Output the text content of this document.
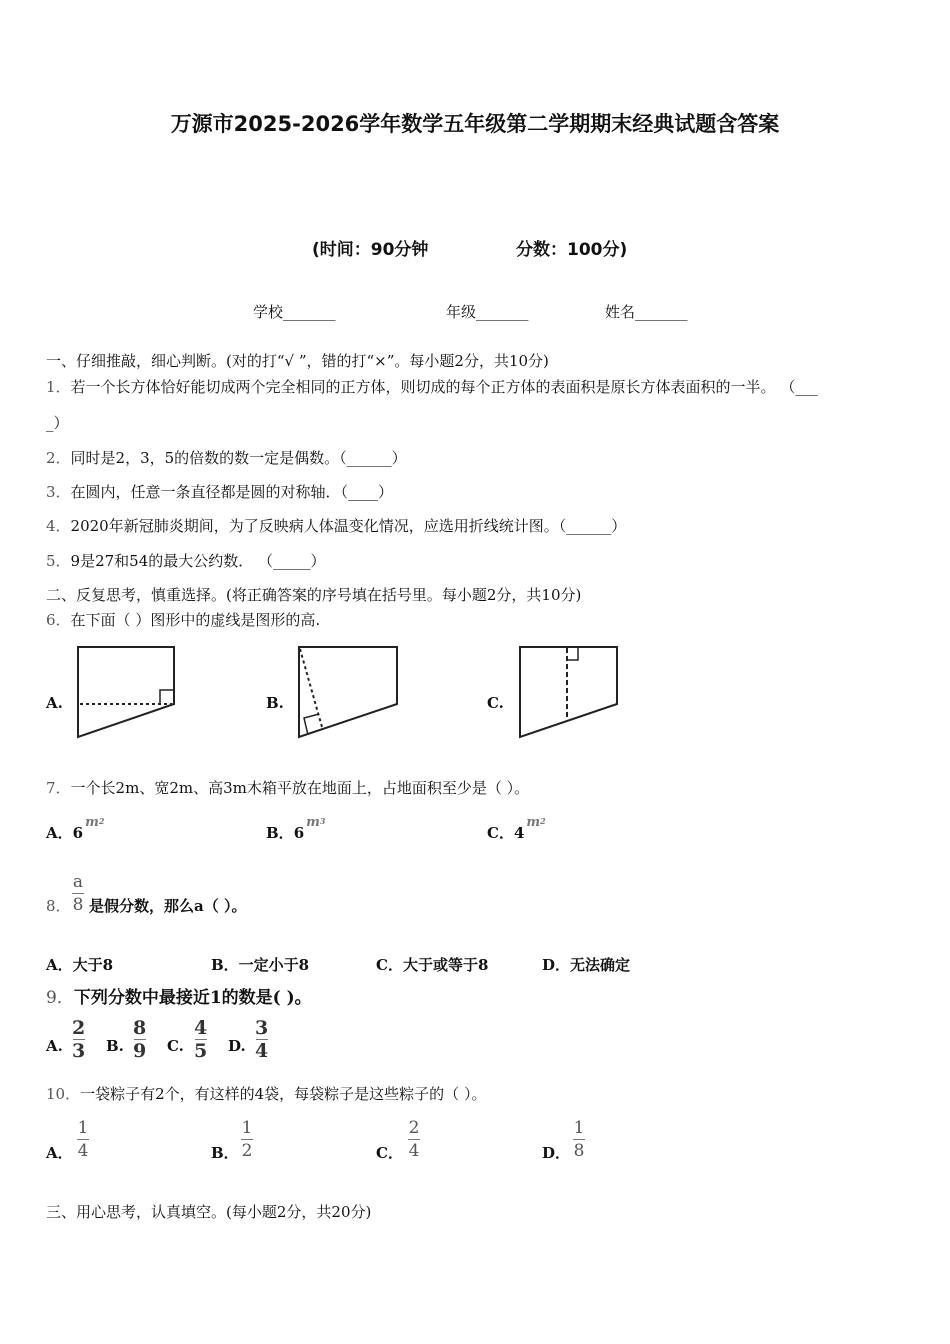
万源市2025-2026学年数学五年级第二学期期末经典试题含答案
(时间：90分钟	分数：100分)
学校_______	年级_______	姓名_______
一、仔细推敲，细心判断。(对的打“√ ”，错的打“×”。每小题2分，共10分)
1．若一个长方体恰好能切成两个完全相同的正方体，则切成的每个正方体的表面积是原长方体表面积的一半。 （___
_）
2．同时是2，3，5的倍数的数一定是偶数。（______）
3．在圆内，任意一条直径都是圆的对称轴．（____）
4．2020年新冠肺炎期间，为了反映病人体温变化情况，应选用折线统计图。（______）
5．9是27和54的最大公约数． （_____）
二、反复思考，慎重选择。(将正确答案的序号填在括号里。每小题2分，共10分)
6．在下面（ ）图形中的虚线是图形的高.
A.	B.	C.
7．一个长2m、宽2m、高3m木箱平放在地面上，占地面积至少是（ ）。
A．$6m^2$
B．$6m^3$
C．$4m^2$
8．
a
8 是假分数，那么a（ ）。
A．大于8	B．一定小于8	C．大于或等于8	D．无法确定
9．下列分数中最接近1的数是( )。
A.
2
3 B.
8
9 C.
4
5 D.
3
4
10．一袋粽子有2个，有这样的4袋，每袋粽子是这些粽子的（ ）。
A．
1
4	B．
1
2	C．
2
4	D．
1
8
三、用心思考，认真填空。(每小题2分，共20分)
